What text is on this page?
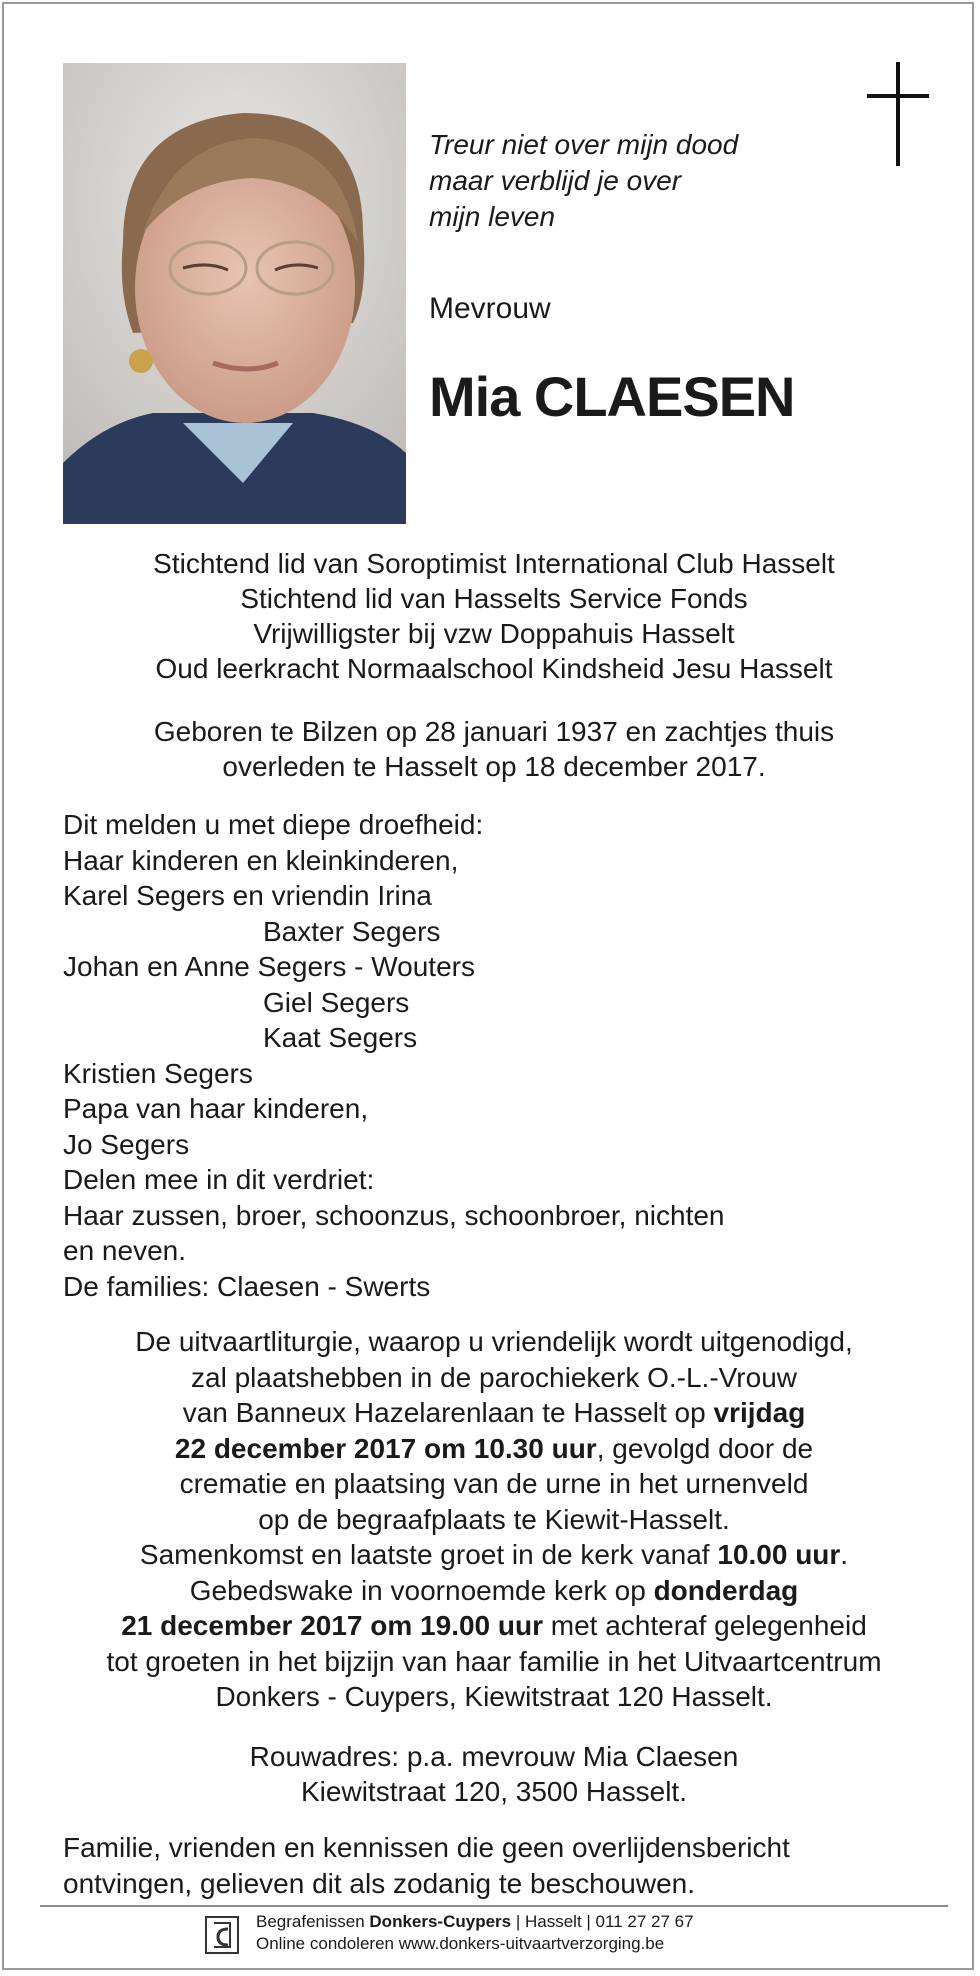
Treur niet over mijn dood
maar verblijd je over
mijn leven
Mevrouw
Mia CLAESEN
Stichtend lid van Soroptimist International Club Hasselt
Stichtend lid van Hasselts Service Fonds
Vrijwilligster bij vzw Doppahuis Hasselt
Oud leerkracht Normaalschool Kindsheid Jesu Hasselt
Geboren te Bilzen op 28 januari 1937 en zachtjes thuis
overleden te Hasselt op 18 december 2017.
Dit melden u met diepe droefheid:
Haar kinderen en kleinkinderen,
Karel Segers en vriendin Irina
Baxter Segers
Johan en Anne Segers - Wouters
Giel Segers
Kaat Segers
Kristien Segers
Papa van haar kinderen,
Jo Segers
Delen mee in dit verdriet:
Haar zussen, broer, schoonzus, schoonbroer, nichten
en neven.
De families: Claesen - Swerts
De uitvaartliturgie, waarop u vriendelijk wordt uitgenodigd,
zal plaatshebben in de parochiekerk O.-L.-Vrouw
van Banneux Hazelarenlaan te Hasselt op vrijdag
22 december 2017 om 10.30 uur, gevolgd door de
crematie en plaatsing van de urne in het urnenveld
op de begraafplaats te Kiewit-Hasselt.
Samenkomst en laatste groet in de kerk vanaf 10.00 uur.
Gebedswake in voornoemde kerk op donderdag
21 december 2017 om 19.00 uur met achteraf gelegenheid
tot groeten in het bijzijn van haar familie in het Uitvaartcentrum
Donkers - Cuypers, Kiewitstraat 120 Hasselt.
Rouwadres: p.a. mevrouw Mia Claesen
Kiewitstraat 120, 3500 Hasselt.
Familie, vrienden en kennissen die geen overlijdensbericht
ontvingen, gelieven dit als zodanig te beschouwen.
Begrafenissen Donkers-Cuypers | Hasselt | 011 27 27 67
Online condoleren www.donkers-uitvaartverzorging.be
